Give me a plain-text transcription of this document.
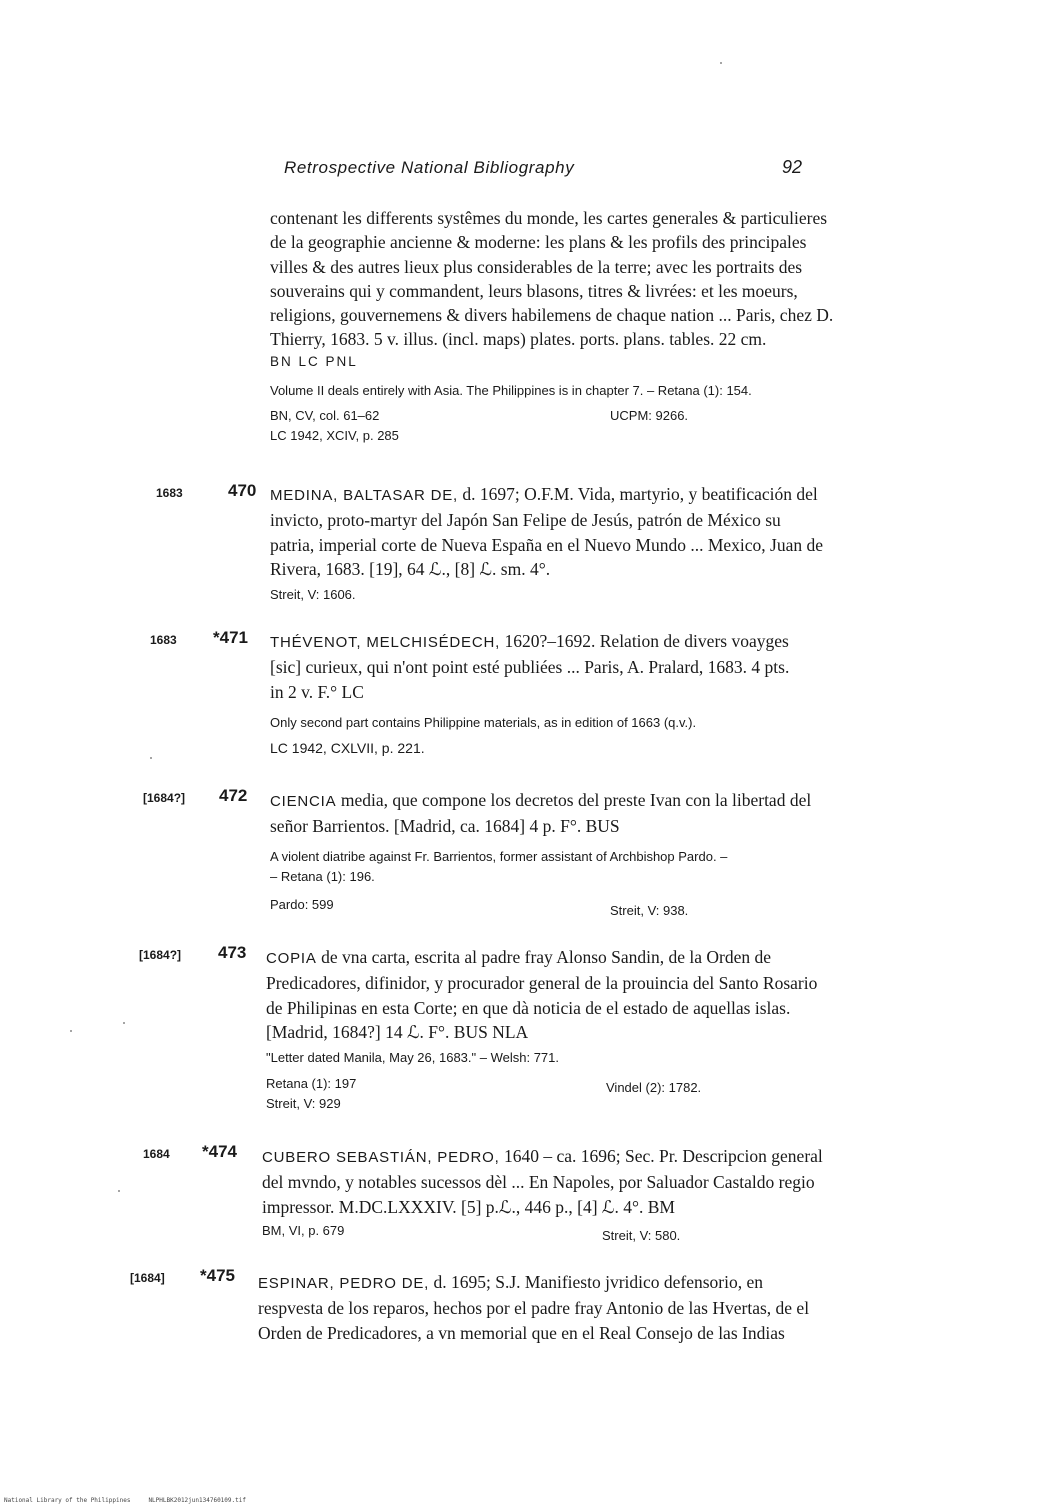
Retrospective National Bibliography	92
contenant les differents systêmes du monde, les cartes generales & particulieres
de la geographie ancienne & moderne: les plans & les profils des principales
villes & des autres lieux plus considerables de la terre; avec les portraits des
souverains qui y commandent, leurs blasons, titres & livrées: et les moeurs,
religions, gouvernemens & divers habilemens de chaque nation ... Paris, chez D.
Thierry, 1683. 5 v. illus. (incl. maps) plates. ports. plans. tables. 22 cm.
BN LC PNL
Volume II deals entirely with Asia. The Philippines is in chapter 7. – Retana (1): 154.
BN, CV, col. 61–62	UCPM: 9266.
LC 1942, XCIV, p. 285
1683	470 MEDINA, BALTASAR DE, d. 1697; O.F.M. Vida, martyrio, y beatificación del
invicto, proto-martyr del Japón San Felipe de Jesús, patrón de México su
patria, imperial corte de Nueva España en el Nuevo Mundo ... Mexico, Juan de
Rivera, 1683. [19], 64 ℒ., [8] ℒ. sm. 4°.
Streit, V: 1606.
1683 *471 THÉVENOT, MELCHISÉDECH, 1620?–1692. Relation de divers voayges
[sic] curieux, qui n'ont point esté publiées ... Paris, A. Pralard, 1683. 4 pts.
in 2 v. F.° LC
Only second part contains Philippine materials, as in edition of 1663 (q.v.).
LC 1942, CXLVII, p. 221.
[1684?] 472 CIENCIA media, que compone los decretos del preste Ivan con la libertad del
señor Barrientos. [Madrid, ca. 1684] 4 p. F°. BUS
A violent diatribe against Fr. Barrientos, former assistant of Archbishop Pardo. –
– Retana (1): 196.
Pardo: 599	Streit, V: 938.
[1684?] 473 COPIA de vna carta, escrita al padre fray Alonso Sandin, de la Orden de
Predicadores, difinidor, y procurador general de la prouincia del Santo Rosario
de Philipinas en esta Corte; en que dà noticia de el estado de aquellas islas.
[Madrid, 1684?] 14 ℒ. F°. BUS NLA
"Letter dated Manila, May 26, 1683." – Welsh: 771.
Retana (1): 197	Vindel (2): 1782.
Streit, V: 929
1684 *474 CUBERO SEBASTIÁN, PEDRO, 1640 – ca. 1696; Sec. Pr. Descripcion general
del mvndo, y notables sucessos dèl ... En Napoles, por Saluador Castaldo regio
impressor. M.DC.LXXXIV. [5] p.ℒ., 446 p., [4] ℒ. 4°. BM
BM, VI, p. 679	Streit, V: 580.
[1684] *475 ESPINAR, PEDRO DE, d. 1695; S.J. Manifiesto jvridico defensorio, en
respvesta de los reparos, hechos por el padre fray Antonio de las Hvertas, de el
Orden de Predicadores, a vn memorial que en el Real Consejo de las Indias
National Library of the Philippines	NLPHLBK2012jun134760109.tif
